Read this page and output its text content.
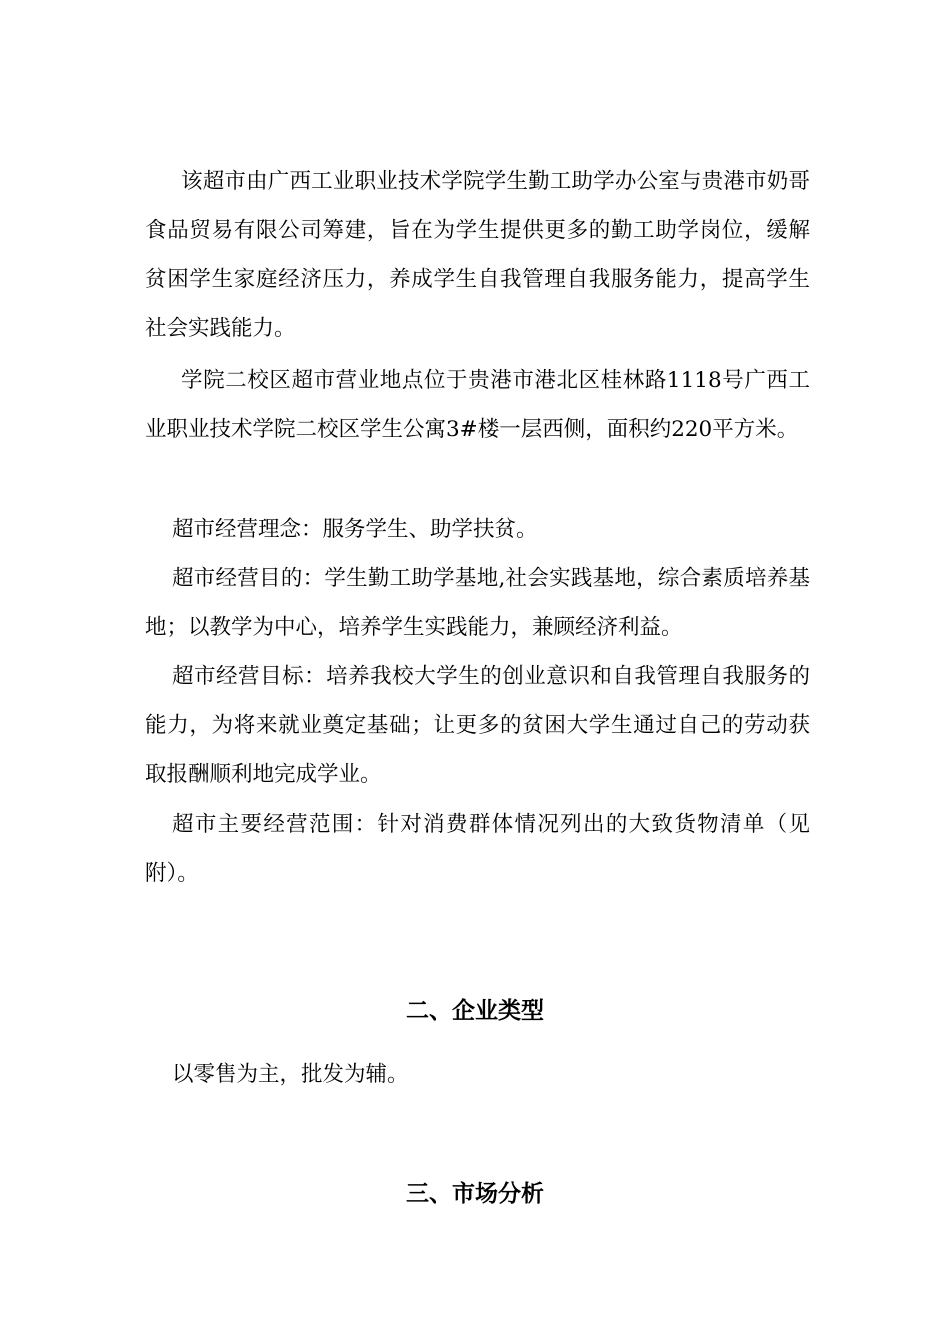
该超市由广西工业职业技术学院学生勤工助学办公室与贵港市奶哥食品贸易有限公司筹建，旨在为学生提供更多的勤工助学岗位，缓解贫困学生家庭经济压力，养成学生自我管理自我服务能力，提高学生社会实践能力。

学院二校区超市营业地点位于贵港市港北区桂林路1118号广西工业职业技术学院二校区学生公寓3#楼一层西侧，面积约220平方米。

超市经营理念：服务学生、助学扶贫。

超市经营目的：学生勤工助学基地,社会实践基地，综合素质培养基地；以教学为中心，培养学生实践能力，兼顾经济利益。

超市经营目标：培养我校大学生的创业意识和自我管理自我服务的能力，为将来就业奠定基础；让更多的贫困大学生通过自己的劳动获取报酬顺利地完成学业。

超市主要经营范围：针对消费群体情况列出的大致货物清单（见附）。

二、企业类型

以零售为主，批发为辅。

三、市场分析
